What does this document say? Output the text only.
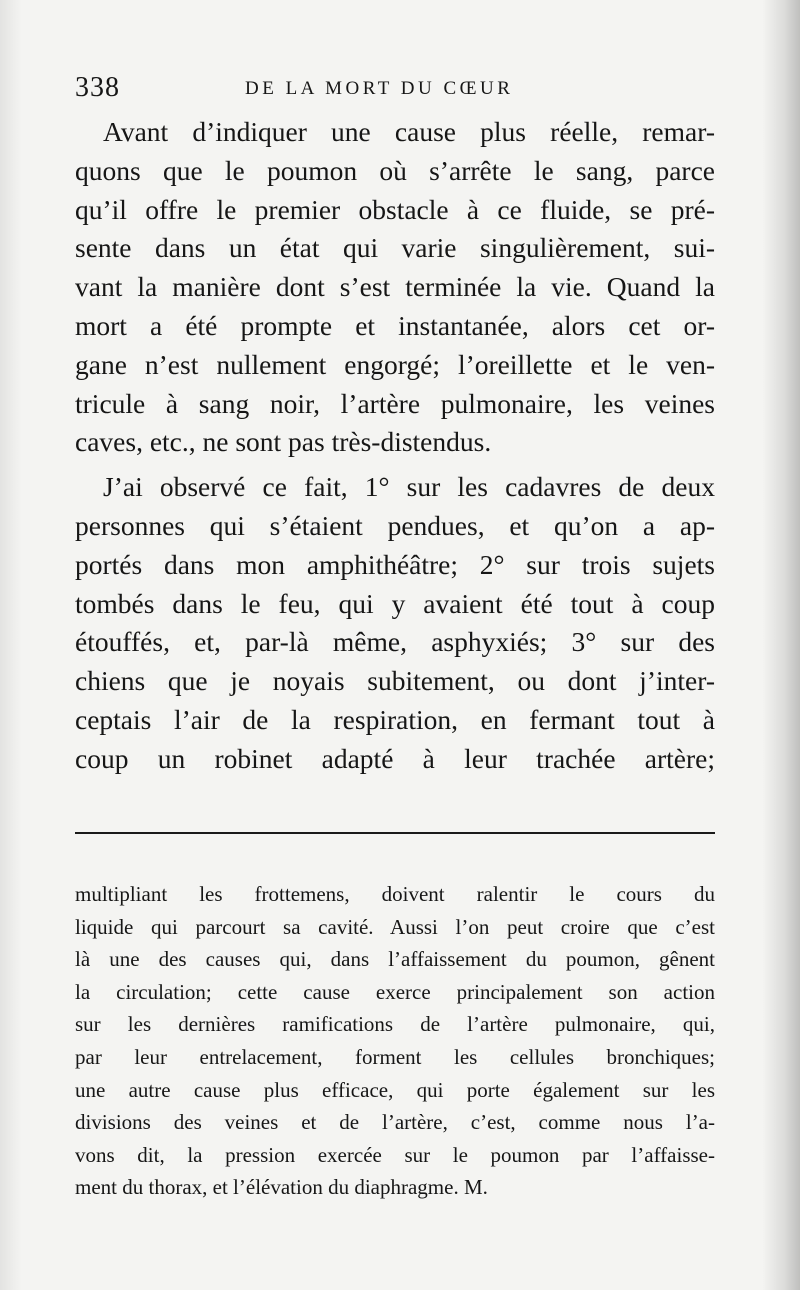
338	DE LA MORT DU CŒUR
Avant d’indiquer une cause plus réelle, remar-
quons que le poumon où s’arrête le sang, parce
qu’il offre le premier obstacle à ce fluide, se pré-
sente dans un état qui varie singulièrement, sui-
vant la manière dont s’est terminée la vie. Quand la
mort a été prompte et instantanée, alors cet or-
gane n’est nullement engorgé; l’oreillette et le ven-
tricule à sang noir, l’artère pulmonaire, les veines
caves, etc., ne sont pas très-distendus.
J’ai observé ce fait, 1° sur les cadavres de deux
personnes qui s’étaient pendues, et qu’on a ap-
portés dans mon amphithéâtre; 2° sur trois sujets
tombés dans le feu, qui y avaient été tout à coup
étouffés, et, par-là même, asphyxiés; 3° sur des
chiens que je noyais subitement, ou dont j’inter-
ceptais l’air de la respiration, en fermant tout à
coup un robinet adapté à leur trachée artère;
multipliant les frottemens, doivent ralentir le cours du
liquide qui parcourt sa cavité. Aussi l’on peut croire que c’est
là une des causes qui, dans l’affaissement du poumon, gênent
la circulation; cette cause exerce principalement son action
sur les dernières ramifications de l’artère pulmonaire, qui,
par leur entrelacement, forment les cellules bronchiques;
une autre cause plus efficace, qui porte également sur les
divisions des veines et de l’artère, c’est, comme nous l’a-
vons dit, la pression exercée sur le poumon par l’affaisse-
ment du thorax, et l’élévation du diaphragme. M.
